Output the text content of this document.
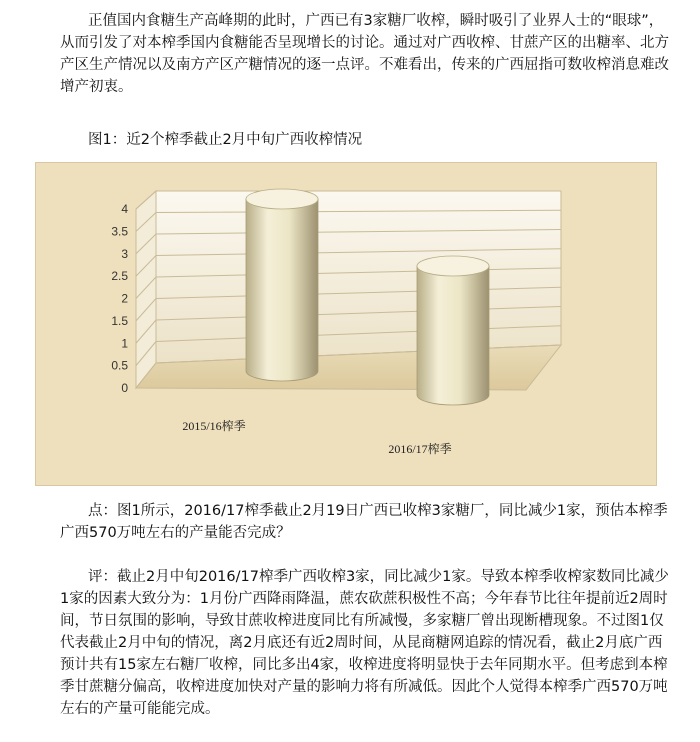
正值国内食糖生产高峰期的此时，广西已有3家糖厂收榨，瞬时吸引了业界人士的“眼球”，从而引发了对本榨季国内食糖能否呈现增长的讨论。通过对广西收榨、甘蔗产区的出糖率、北方产区生产情况以及南方产区产糖情况的逐一点评。不难看出，传来的广西屈指可数收榨消息难改增产初衷。

图1：近2个榨季截止2月中旬广西收榨情况

0
0.5
1
1.5
2
2.5
3
3.5
4
2015/16榨季
2016/17榨季

点：图1所示，2016/17榨季截止2月19日广西已收榨3家糖厂，同比减少1家，预估本榨季广西570万吨左右的产量能否完成？

评：截止2月中旬2016/17榨季广西收榨3家，同比减少1家。导致本榨季收榨家数同比减少1家的因素大致分为：1月份广西降雨降温，蔗农砍蔗积极性不高；今年春节比往年提前近2周时间，节日氛围的影响，导致甘蔗收榨进度同比有所减慢，多家糖厂曾出现断槽现象。不过图1仅代表截止2月中旬的情况，离2月底还有近2周时间，从昆商糖网追踪的情况看，截止2月底广西预计共有15家左右糖厂收榨，同比多出4家，收榨进度将明显快于去年同期水平。但考虑到本榨季甘蔗糖分偏高，收榨进度加快对产量的影响力将有所减低。因此个人觉得本榨季广西570万吨左右的产量可能能完成。
